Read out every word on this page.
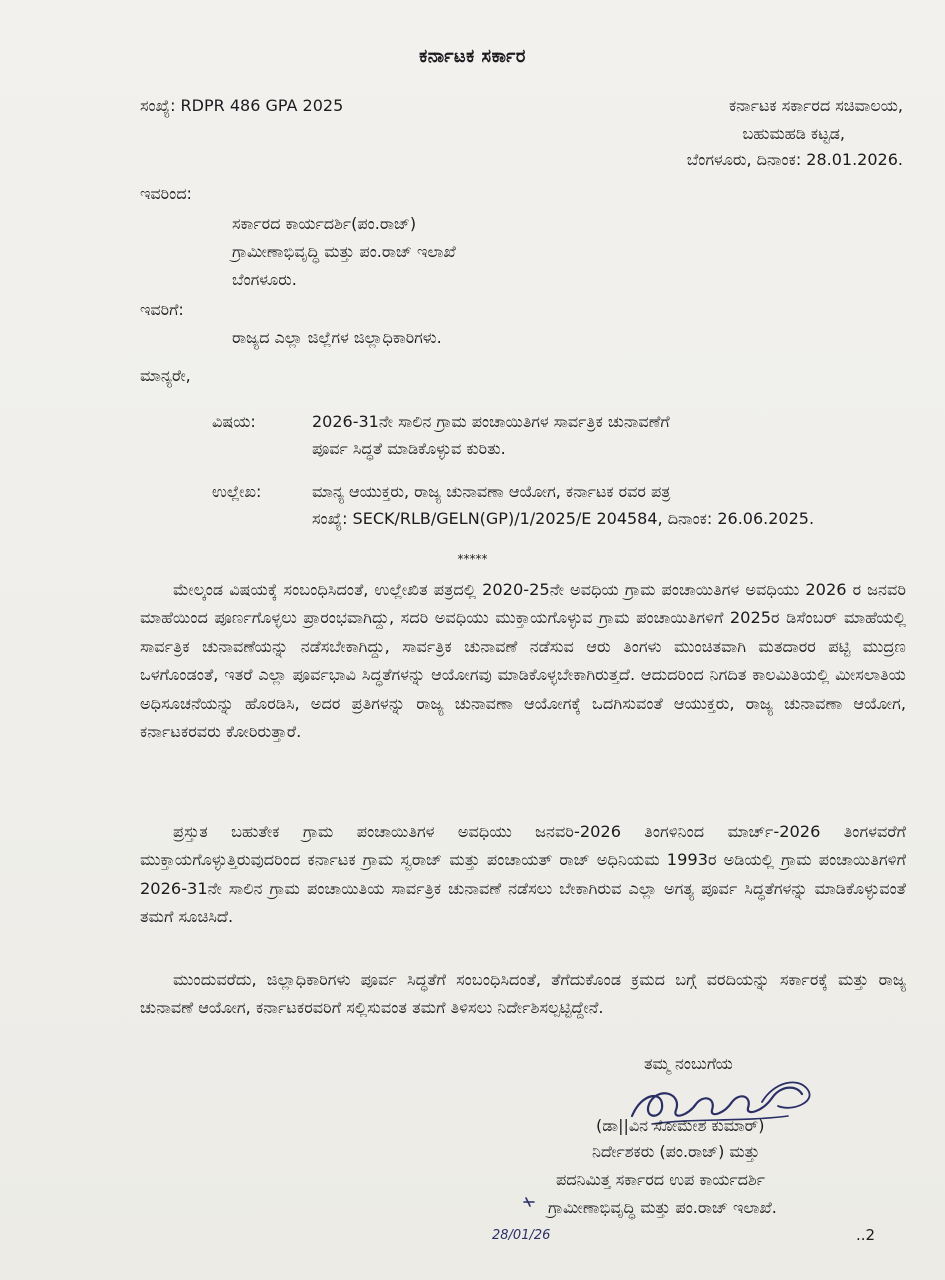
ಕರ್ನಾಟಕ ಸರ್ಕಾರ
ಸಂಖ್ಯೆ: RDPR 486 GPA 2025	ಕರ್ನಾಟಕ ಸರ್ಕಾರದ ಸಚಿವಾಲಯ,
ಬಹುಮಹಡಿ ಕಟ್ಟಡ,
ಬೆಂಗಳೂರು, ದಿನಾಂಕ: 28.01.2026.
ಇವರಿಂದ:
ಸರ್ಕಾರದ ಕಾರ್ಯದರ್ಶಿ(ಪಂ.ರಾಜ್)
ಗ್ರಾಮೀಣಾಭಿವೃದ್ಧಿ ಮತ್ತು ಪಂ.ರಾಜ್ ಇಲಾಖೆ
ಬೆಂಗಳೂರು.
ಇವರಿಗೆ:
ರಾಜ್ಯದ ಎಲ್ಲಾ ಜಿಲ್ಲೆಗಳ ಜಿಲ್ಲಾಧಿಕಾರಿಗಳು.
ಮಾನ್ಯರೇ,
ವಿಷಯ:	2026-31ನೇ ಸಾಲಿನ ಗ್ರಾಮ ಪಂಚಾಯಿತಿಗಳ ಸಾರ್ವತ್ರಿಕ ಚುನಾವಣೆಗೆ
ಪೂರ್ವ ಸಿದ್ಧತೆ ಮಾಡಿಕೊಳ್ಳುವ ಕುರಿತು.
ಉಲ್ಲೇಖ:	ಮಾನ್ಯ ಆಯುಕ್ತರು, ರಾಜ್ಯ ಚುನಾವಣಾ ಆಯೋಗ, ಕರ್ನಾಟಕ ರವರ ಪತ್ರ
ಸಂಖ್ಯೆ: SECK/RLB/GELN(GP)/1/2025/E 204584, ದಿನಾಂಕ: 26.06.2025.
*****
ಮೇಲ್ಕಂಡ ವಿಷಯಕ್ಕೆ ಸಂಬಂಧಿಸಿದಂತೆ, ಉಲ್ಲೇಖಿತ ಪತ್ರದಲ್ಲಿ 2020-25ನೇ ಅವಧಿಯ ಗ್ರಾಮ ಪಂಚಾಯಿತಿಗಳ ಅವಧಿಯು 2026 ರ ಜನವರಿ ಮಾಹೆಯಿಂದ ಪೂರ್ಣಗೊಳ್ಳಲು ಪ್ರಾರಂಭವಾಗಿದ್ದು, ಸದರಿ ಅವಧಿಯು ಮುಕ್ತಾಯಗೊಳ್ಳುವ ಗ್ರಾಮ ಪಂಚಾಯಿತಿಗಳಿಗೆ 2025ರ ಡಿಸೆಂಬರ್ ಮಾಹೆಯಲ್ಲಿ ಸಾರ್ವತ್ರಿಕ ಚುನಾವಣೆಯನ್ನು ನಡೆಸಬೇಕಾಗಿದ್ದು, ಸಾರ್ವತ್ರಿಕ ಚುನಾವಣೆ ನಡೆಸುವ ಆರು ತಿಂಗಳು ಮುಂಚಿತವಾಗಿ ಮತದಾರರ ಪಟ್ಟಿ ಮುದ್ರಣ ಒಳಗೊಂಡಂತೆ, ಇತರೆ ಎಲ್ಲಾ ಪೂರ್ವಭಾವಿ ಸಿದ್ಧತೆಗಳನ್ನು ಆಯೋಗವು ಮಾಡಿಕೊಳ್ಳಬೇಕಾಗಿರುತ್ತದೆ. ಆದುದರಿಂದ ನಿಗದಿತ ಕಾಲಮಿತಿಯಲ್ಲಿ ಮೀಸಲಾತಿಯ ಅಧಿಸೂಚನೆಯನ್ನು ಹೊರಡಿಸಿ, ಅದರ ಪ್ರತಿಗಳನ್ನು ರಾಜ್ಯ ಚುನಾವಣಾ ಆಯೋಗಕ್ಕೆ ಒದಗಿಸುವಂತೆ ಆಯುಕ್ತರು, ರಾಜ್ಯ ಚುನಾವಣಾ ಆಯೋಗ, ಕರ್ನಾಟಕರವರು ಕೋರಿರುತ್ತಾರೆ.
ಪ್ರಸ್ತುತ ಬಹುತೇಕ ಗ್ರಾಮ ಪಂಚಾಯಿತಿಗಳ ಅವಧಿಯು ಜನವರಿ-2026 ತಿಂಗಳಿನಿಂದ ಮಾರ್ಚ್-2026 ತಿಂಗಳವರೆಗೆ ಮುಕ್ತಾಯಗೊಳ್ಳುತ್ತಿರುವುದರಿಂದ ಕರ್ನಾಟಕ ಗ್ರಾಮ ಸ್ವರಾಜ್ ಮತ್ತು ಪಂಚಾಯತ್ ರಾಜ್ ಅಧಿನಿಯಮ 1993ರ ಅಡಿಯಲ್ಲಿ ಗ್ರಾಮ ಪಂಚಾಯಿತಿಗಳಿಗೆ 2026-31ನೇ ಸಾಲಿನ ಗ್ರಾಮ ಪಂಚಾಯಿತಿಯ ಸಾರ್ವತ್ರಿಕ ಚುನಾವಣೆ ನಡೆಸಲು ಬೇಕಾಗಿರುವ ಎಲ್ಲಾ ಅಗತ್ಯ ಪೂರ್ವ ಸಿದ್ಧತೆಗಳನ್ನು ಮಾಡಿಕೊಳ್ಳುವಂತೆ ತಮಗೆ ಸೂಚಿಸಿದೆ.
ಮುಂದುವರೆದು, ಜಿಲ್ಲಾಧಿಕಾರಿಗಳು ಪೂರ್ವ ಸಿದ್ಧತೆಗೆ ಸಂಬಂಧಿಸಿದಂತೆ, ತೆಗೆದುಕೊಂಡ ಕ್ರಮದ ಬಗ್ಗೆ ವರದಿಯನ್ನು ಸರ್ಕಾರಕ್ಕೆ ಮತ್ತು ರಾಜ್ಯ ಚುನಾವಣೆ ಆಯೋಗ, ಕರ್ನಾಟಕರವರಿಗೆ ಸಲ್ಲಿಸುವಂತ ತಮಗೆ ತಿಳಿಸಲು ನಿರ್ದೇಶಿಸಲ್ಪಟ್ಟಿದ್ದೇನೆ.
ತಮ್ಮ ನಂಬುಗೆಯ
(ಡಾ||ವಿನ ಸೋಮೇಶ ಕುಮಾರ್)
ನಿರ್ದೇಶಕರು (ಪಂ.ರಾಜ್) ಮತ್ತು
ಪದನಿಮಿತ್ತ ಸರ್ಕಾರದ ಉಪ ಕಾರ್ಯದರ್ಶಿ
ಗ್ರಾಮೀಣಾಭಿವೃದ್ಧಿ ಮತ್ತು ಪಂ.ರಾಜ್ ಇಲಾಖೆ.
28/01/26	..2
